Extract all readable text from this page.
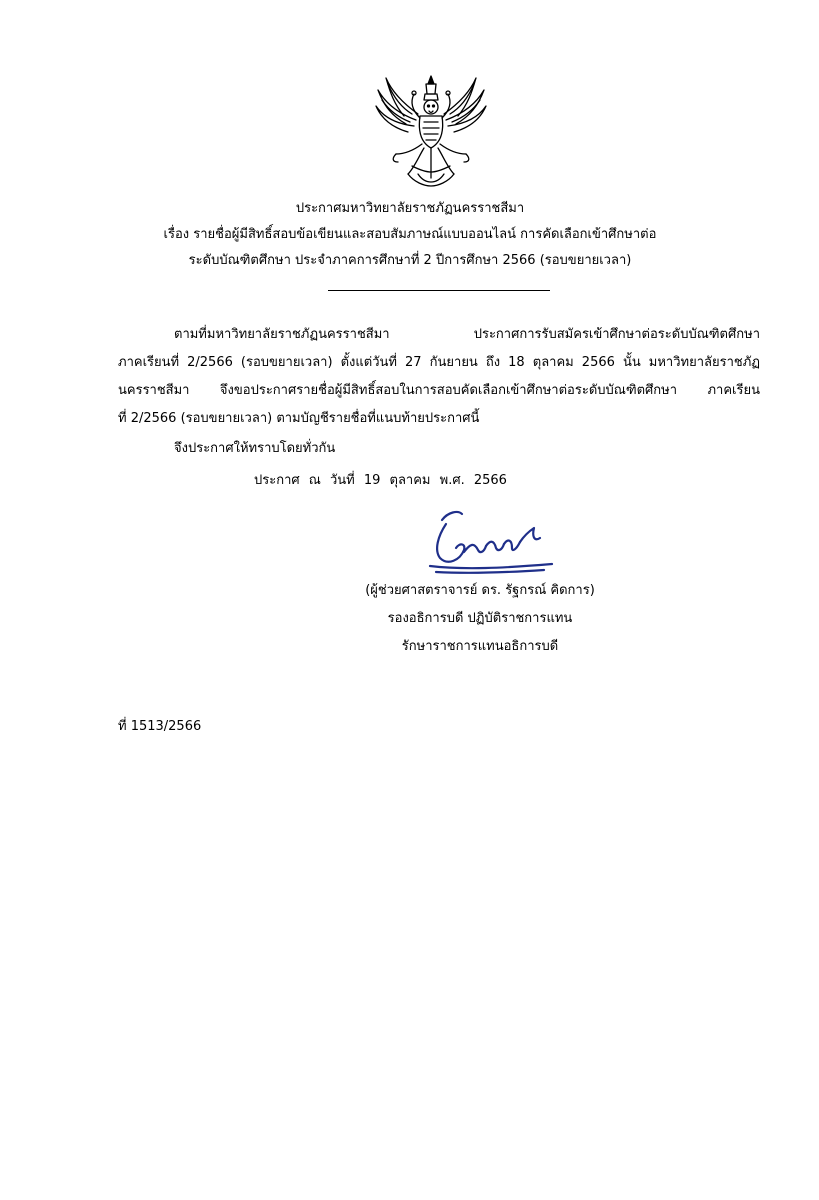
ประกาศมหาวิทยาลัยราชภัฏนครราชสีมา
เรื่อง รายชื่อผู้มีสิทธิ์สอบข้อเขียนและสอบสัมภาษณ์แบบออนไลน์ การคัดเลือกเข้าศึกษาต่อ
ระดับบัณฑิตศึกษา ประจำภาคการศึกษาที่ 2 ปีการศึกษา 2566 (รอบขยายเวลา)
ตามที่มหาวิทยาลัยราชภัฏนครราชสีมา ประกาศการรับสมัครเข้าศึกษาต่อระดับบัณฑิตศึกษา
ภาคเรียนที่ 2/2566 (รอบขยายเวลา) ตั้งแต่วันที่ 27 กันยายน ถึง 18 ตุลาคม 2566 นั้น มหาวิทยาลัยราชภัฏ
นครราชสีมา จึงขอประกาศรายชื่อผู้มีสิทธิ์สอบในการสอบคัดเลือกเข้าศึกษาต่อระดับบัณฑิตศึกษา ภาคเรียน
ที่ 2/2566 (รอบขยายเวลา) ตามบัญชีรายชื่อที่แนบท้ายประกาศนี้
จึงประกาศให้ทราบโดยทั่วกัน
ประกาศ ณ วันที่ 19 ตุลาคม พ.ศ. 2566
(ผู้ช่วยศาสตราจารย์ ดร. รัฐกรณ์ คิดการ)
รองอธิการบดี ปฏิบัติราชการแทน
รักษาราชการแทนอธิการบดี
ที่ 1513/2566
